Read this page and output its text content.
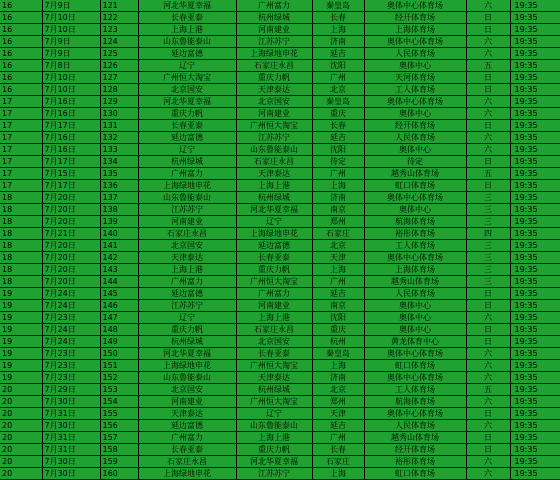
16	7月9日	121	河北华夏幸福	广州富力	秦皇岛	奥体中心体育场	六	19:35
16	7月10日	122	长春亚泰	杭州绿城	长春	经开体育场	日	19:35
16	7月10日	123	上海上港	河南建业	上海	上海体育场	日	19:35
16	7月9日	124	山东鲁能泰山	江苏苏宁	济南	奥体中心体育场	六	19:35
16	7月9日	125	延边富德	上海绿地申花	延吉	人民体育场	六	19:35
16	7月8日	126	辽宁	石家庄永昌	沈阳	奥体中心	五	19:35
16	7月10日	127	广州恒大淘宝	重庆力帆	广州	天河体育场	日	19:35
16	7月10日	128	北京国安	天津泰达	北京	工人体育场	日	19:35
17	7月16日	129	河北华夏幸福	北京国安	秦皇岛	奥体中心体育场	六	19:35
17	7月16日	130	重庆力帆	河南建业	重庆	奥体中心	六	19:35
17	7月17日	131	长春亚泰	广州恒大淘宝	长春	经开体育场	日	19:35
17	7月16日	132	延边富德	江苏苏宁	延吉	人民体育场	六	19:35
17	7月16日	133	辽宁	山东鲁能泰山	沈阳	奥体中心	六	19:35
17	7月17日	134	杭州绿城	石家庄永昌	待定	待定	日	19:35
17	7月15日	135	广州富力	天津泰达	广州	越秀山体育场	五	19:35
17	7月17日	136	上海绿地申花	上海上港	上海	虹口体育场	日	19:35
18	7月20日	137	山东鲁能泰山	杭州绿城	济南	奥体中心体育场	三	19:35
18	7月20日	138	江苏苏宁	河北华夏幸福	南京	奥体中心	三	19:35
18	7月20日	139	河南建业	辽宁	郑州	航海体育场	三	19:35
18	7月21日	140	石家庄永昌	上海绿地申花	石家庄	裕彤体育场	四	19:35
18	7月20日	141	北京国安	延边富德	北京	工人体育场	三	19:35
18	7月20日	142	天津泰达	长春亚泰	天津	奥体中心体育场	三	19:35
18	7月20日	143	上海上港	重庆力帆	上海	上海体育场	三	19:35
18	7月20日	144	广州富力	广州恒大淘宝	广州	越秀山体育场	三	19:35
19	7月24日	145	延边富德	广州富力	延吉	人民体育场	日	19:35
19	7月24日	146	江苏苏宁	河南建业	南京	奥体中心	日	19:35
19	7月23日	147	辽宁	上海上港	沈阳	奥体中心	六	19:35
19	7月24日	148	重庆力帆	石家庄永昌	重庆	奥体中心	日	19:35
19	7月24日	149	杭州绿城	北京国安	杭州	黄龙体育中心	日	19:35
19	7月23日	150	河北华夏幸福	长春亚泰	秦皇岛	奥体中心体育场	六	19:35
19	7月23日	151	上海绿地申花	广州恒大淘宝	上海	虹口体育场	六	19:35
19	7月23日	152	山东鲁能泰山	天津泰达	济南	奥体中心体育场	六	19:35
20	7月29日	153	北京国安	杭州绿城	北京	工人体育场	五	19:35
20	7月30日	154	河南建业	广州恒大淘宝	郑州	航海体育场	六	19:35
20	7月31日	155	天津泰达	辽宁	天津	奥体中心体育场	日	19:35
20	7月30日	156	延边富德	山东鲁能泰山	延吉	人民体育场	六	19:35
20	7月31日	157	广州富力	上海上港	广州	越秀山体育场	日	19:35
20	7月31日	158	长春亚泰	重庆力帆	长春	经开体育场	日	19:35
20	7月30日	159	石家庄永昌	河北华夏幸福	石家庄	裕彤体育场	六	19:35
20	7月30日	160	上海绿地申花	江苏苏宁	上海	虹口体育场	六	19:35
